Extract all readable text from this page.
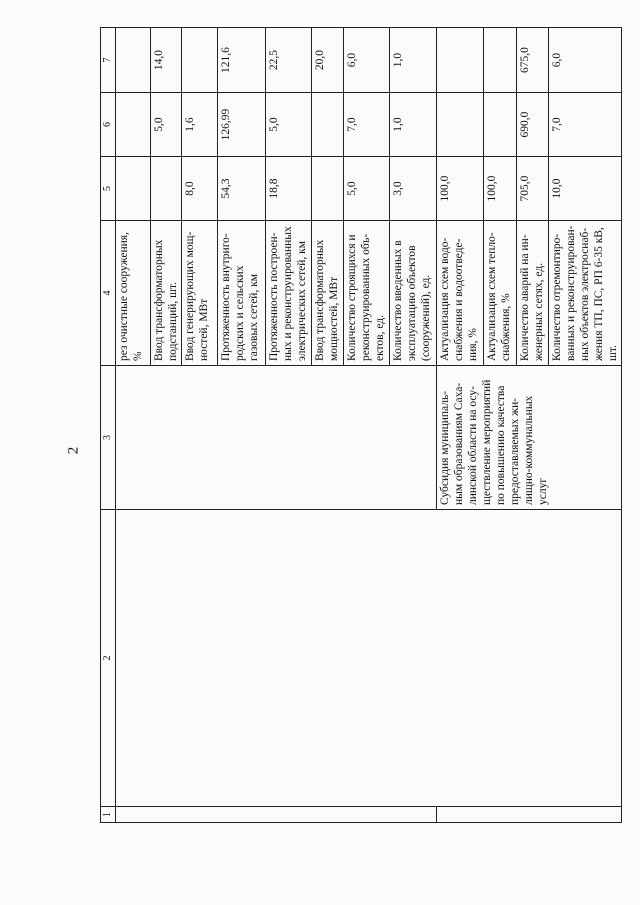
2
1	2	3	4	5	6	7
			рез очистные сооружения, %			
			Ввод трансформаторных подстанций, шт.		5,0	14,0
			Ввод генерирующих мощ-ностей, МВт	8,0	1,6	
			Протяженность внутриго-родских и сельских газовых сетей, км	54,3	126,99	121,6
			Протяженность построен-ных и реконструированных электрических сетей, км	18,8	5,0	22,5
			Ввод трансформаторных мощностей, МВт			20,0
			Количество строящихся и реконструированных объ-ектов, ед.	5,0	7,0	6,0
			Количество введенных в эксплуатацию объектов (сооружений), ед.	3,0	1,0	1,0
		Субсидия муниципаль-ным образованиям Саха-линской области на осу-ществление мероприятий по повышению качества предоставляемых жи-лищно-коммунальных услуг	Актуализация схем водо-снабжения и водоотведе-ния, %	100,0		
			Актуализация схем тепло-снабжения, %	100,0		
			Количество аварий на ин-женерных сетях, ед.	705,0	690,0	675,0
			Количество отремонтиро-ванных и реконструирован-ных объектов электроснаб-жения ТП, ПС, РП 6-35 кВ, шт.	10,0	7,0	6,0
